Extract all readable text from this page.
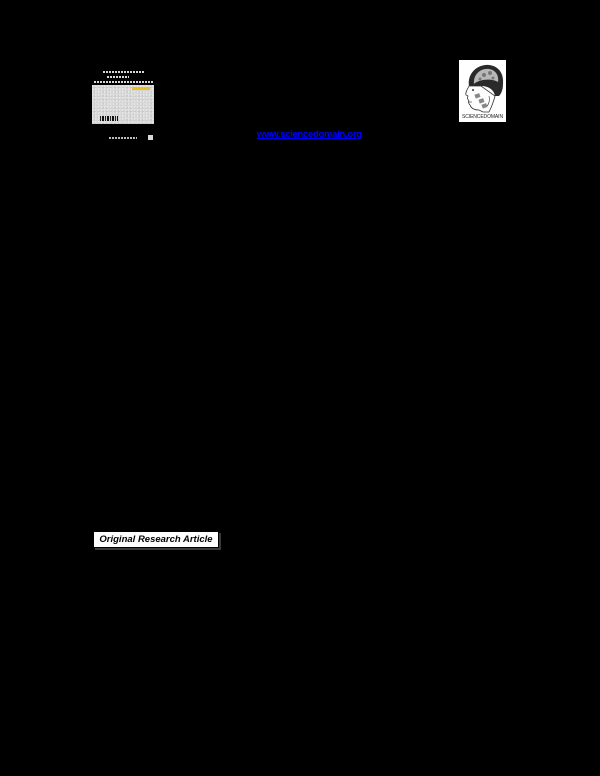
SCIENCEDOMAIN
www.sciencedomain.org
Original Research Article
